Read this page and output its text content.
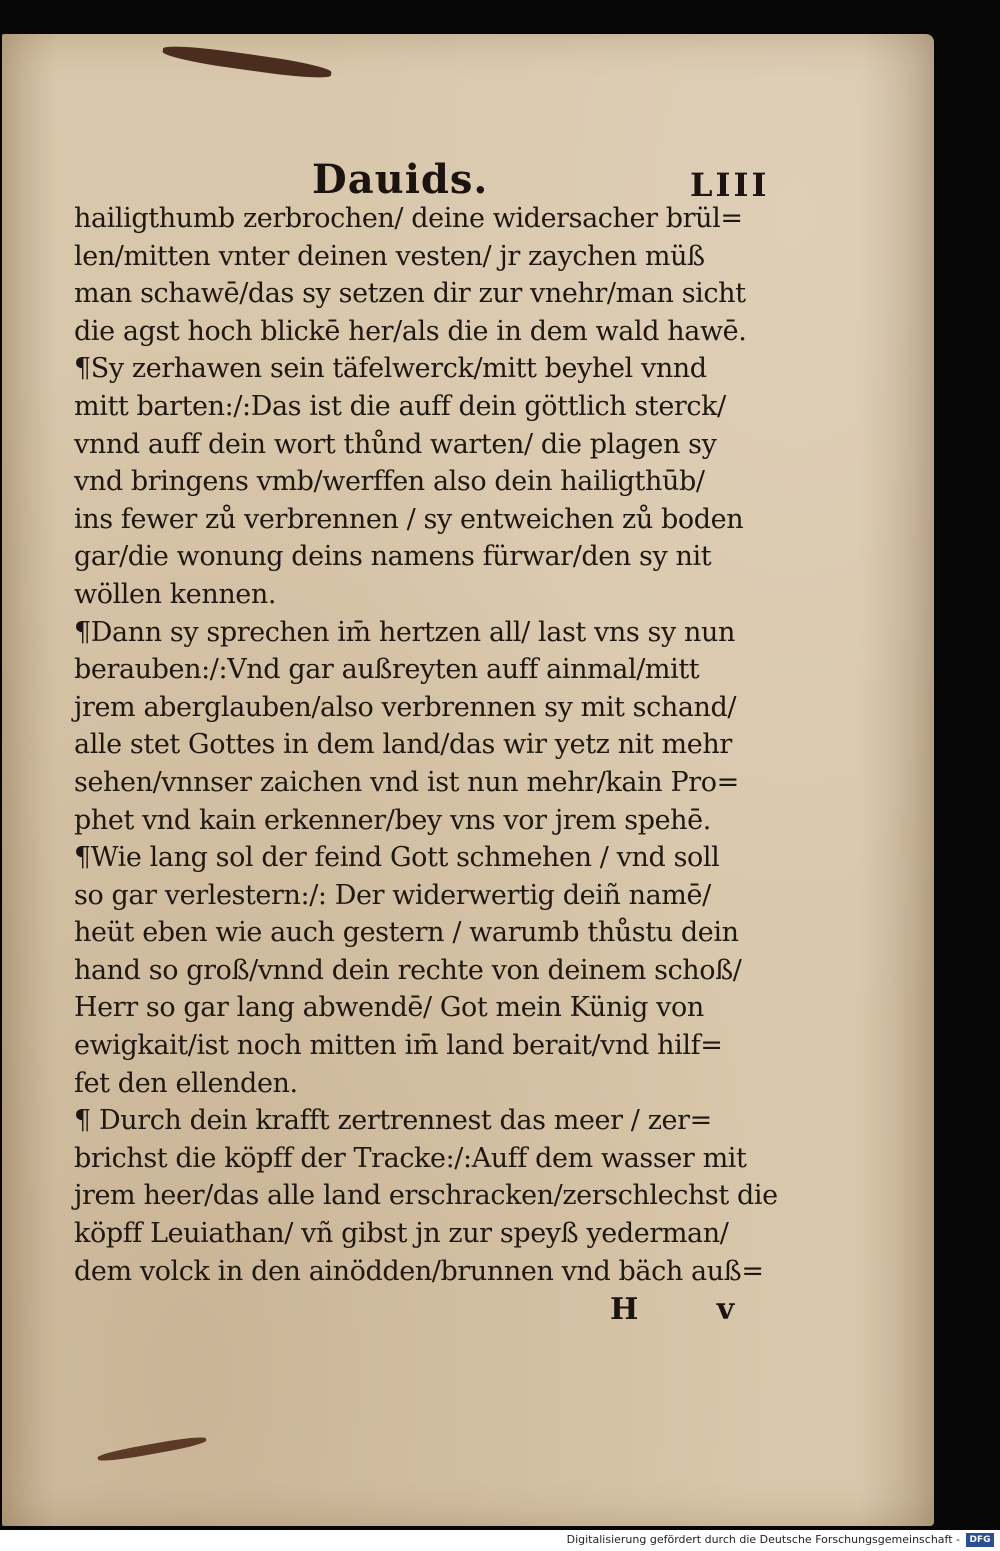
Dauids.	LIII
hailigthumb zerbrochen/ deine widersacher brül=
len/mitten vnter deinen vesten/ jr zaychen müß
man schawē/das sy setzen dir zur vnehr/man sicht
die agst hoch blickē her/als die in dem wald hawē.
¶Sy zerhawen sein täfelwerck/mitt beyhel vnnd
mitt barten:/:Das ist die auff dein göttlich sterck/
vnnd auff dein wort thůnd warten/ die plagen sy
vnd bringens vmb/werffen also dein hailigthūb/
ins fewer zů verbrennen / sy entweichen zů boden
gar/die wonung deins namens fürwar/den sy nit
wöllen kennen.
¶Dann sy sprechen im̄ hertzen all/ last vns sy nun
berauben:/:Vnd gar außreyten auff ainmal/mitt
jrem aberglauben/also verbrennen sy mit schand/
alle stet Gottes in dem land/das wir yetz nit mehr
sehen/vnnser zaichen vnd ist nun mehr/kain Pro=
phet vnd kain erkenner/bey vns vor jrem spehē.
¶Wie lang sol der feind Gott schmehen / vnd soll
so gar verlestern:/: Der widerwertig deiñ namē/
heüt eben wie auch gestern / warumb thůstu dein
hand so groß/vnnd dein rechte von deinem schoß/
Herr so gar lang abwendē/ Got mein Künig von
ewigkait/ist noch mitten im̄ land berait/vnd hilf=
fet den ellenden.
¶ Durch dein krafft zertrennest das meer / zer=
brichst die köpff der Tracke:/:Auff dem wasser mit
jrem heer/das alle land erschracken/zerschlechst die
köpff Leuiathan/ vñ gibst jn zur speyß yederman/
dem volck in den ainödden/brunnen vnd bäch auß=
H v
Digitalisierung gefördert durch die Deutsche Forschungsgemeinschaft -	DFG
